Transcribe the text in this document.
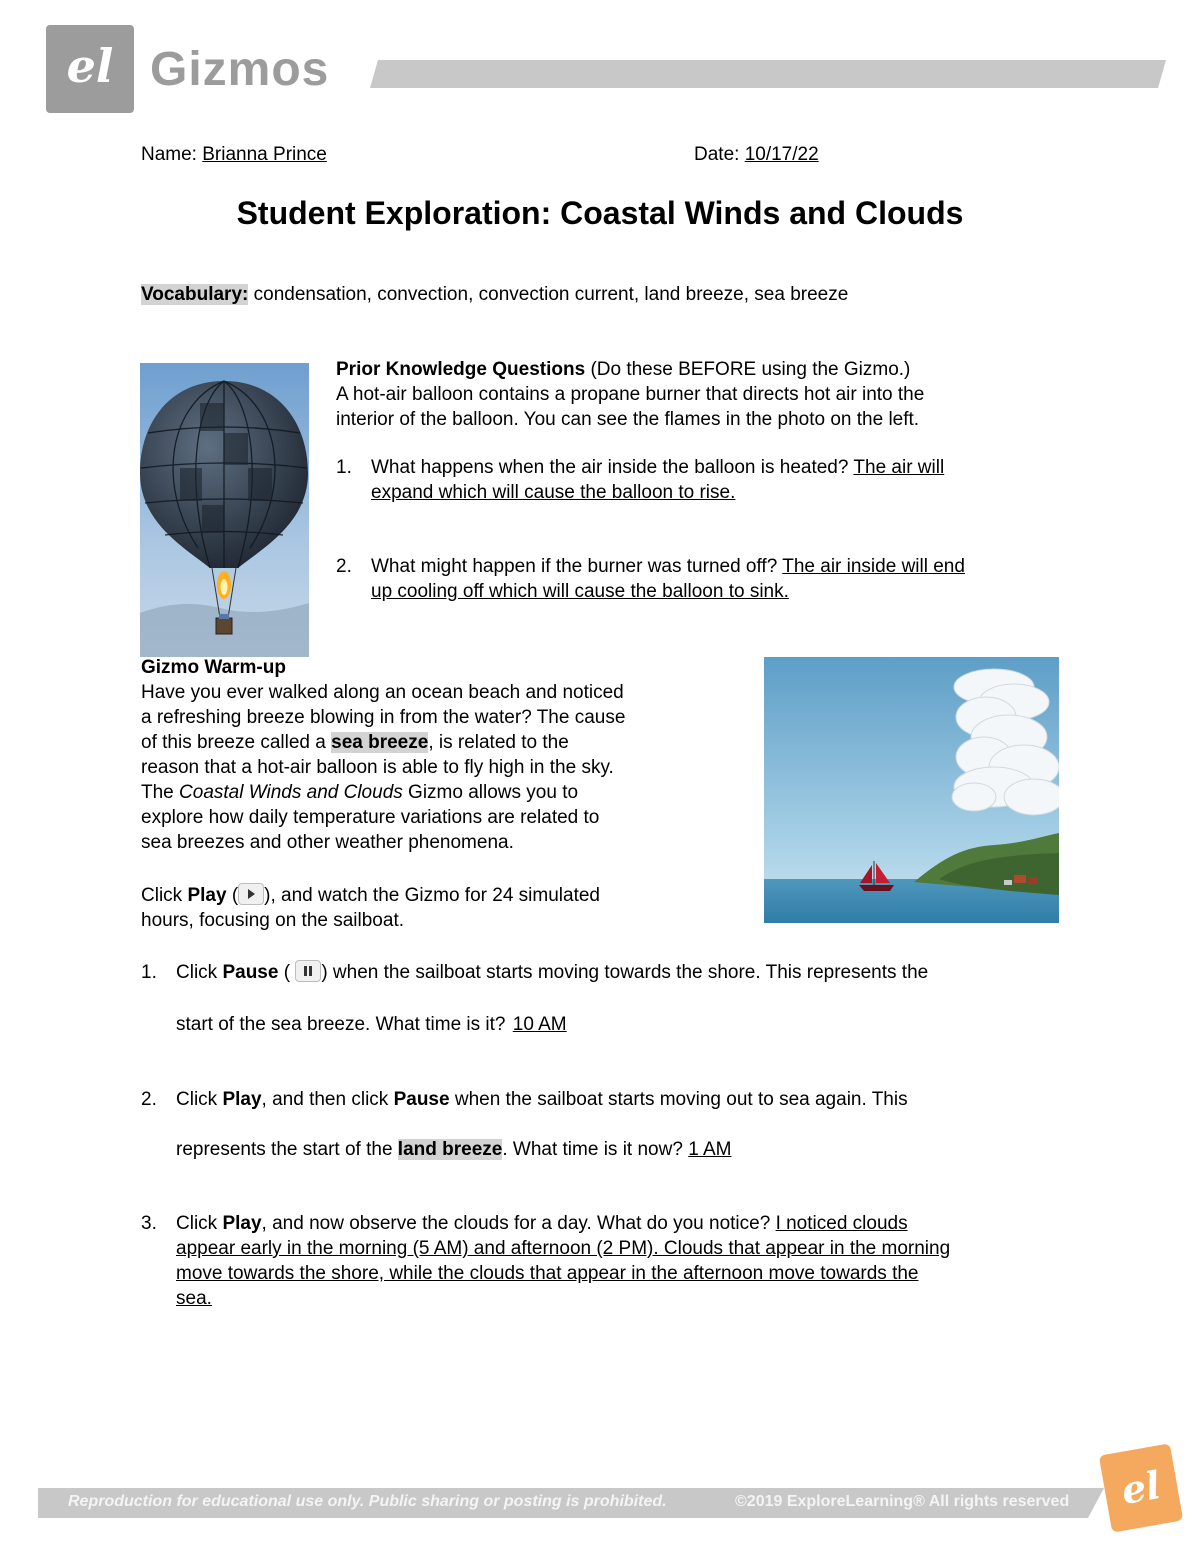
el Gizmos
Name: Brianna Prince	Date: 10/17/22
Student Exploration: Coastal Winds and Clouds
Vocabulary: condensation, convection, convection current, land breeze, sea breeze
Prior Knowledge Questions (Do these BEFORE using the Gizmo.)
A hot-air balloon contains a propane burner that directs hot air into the
interior of the balloon. You can see the flames in the photo on the left.
1. What happens when the air inside the balloon is heated? The air will
expand which will cause the balloon to rise.
2. What might happen if the burner was turned off? The air inside will end
up cooling off which will cause the balloon to sink.
Gizmo Warm-up
Have you ever walked along an ocean beach and noticed
a refreshing breeze blowing in from the water? The cause
of this breeze called a sea breeze, is related to the
reason that a hot-air balloon is able to fly high in the sky.
The Coastal Winds and Clouds Gizmo allows you to
explore how daily temperature variations are related to
sea breezes and other weather phenomena.
Click Play ( ), and watch the Gizmo for 24 simulated
hours, focusing on the sailboat.
1. Click Pause ( ) when the sailboat starts moving towards the shore. This represents the
start of the sea breeze. What time is it? 10 AM
2. Click Play, and then click Pause when the sailboat starts moving out to sea again. This
represents the start of the land breeze. What time is it now? 1 AM
3. Click Play, and now observe the clouds for a day. What do you notice? I noticed clouds
appear early in the morning (5 AM) and afternoon (2 PM). Clouds that appear in the morning
move towards the shore, while the clouds that appear in the afternoon move towards the
sea.
Reproduction for educational use only. Public sharing or posting is prohibited.	©2019 ExploreLearning® All rights reserved	el
